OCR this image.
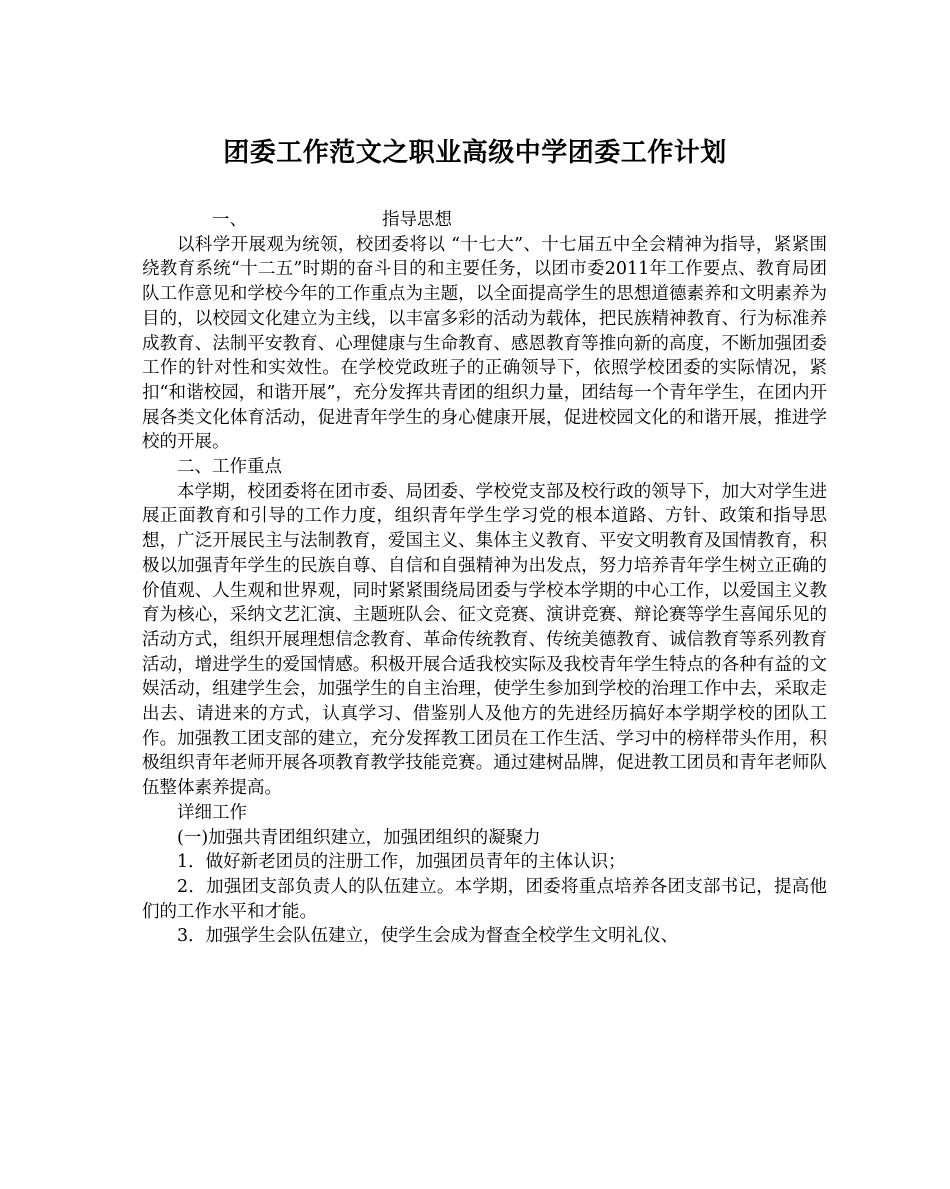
团委工作范文之职业高级中学团委工作计划

一、	指导思想

以科学开展观为统领，校团委将以 “十七大”、十七届五中全会精神为指导，紧紧围绕教育系统“十二五”时期的奋斗目的和主要任务，以团市委2011年工作要点、教育局团队工作意见和学校今年的工作重点为主题，以全面提高学生的思想道德素养和文明素养为目的，以校园文化建立为主线，以丰富多彩的活动为载体，把民族精神教育、行为标准养成教育、法制平安教育、心理健康与生命教育、感恩教育等推向新的高度，不断加强团委工作的针对性和实效性。在学校党政班子的正确领导下，依照学校团委的实际情况，紧扣“和谐校园，和谐开展”，充分发挥共青团的组织力量，团结每一个青年学生，在团内开展各类文化体育活动，促进青年学生的身心健康开展，促进校园文化的和谐开展，推进学校的开展。

二、工作重点

本学期，校团委将在团市委、局团委、学校党支部及校行政的领导下，加大对学生进展正面教育和引导的工作力度，组织青年学生学习党的根本道路、方针、政策和指导思想，广泛开展民主与法制教育，爱国主义、集体主义教育、平安文明教育及国情教育，积极以加强青年学生的民族自尊、自信和自强精神为出发点，努力培养青年学生树立正确的价值观、人生观和世界观，同时紧紧围绕局团委与学校本学期的中心工作，以爱国主义教育为核心，采纳文艺汇演、主题班队会、征文竞赛、演讲竞赛、辩论赛等学生喜闻乐见的活动方式，组织开展理想信念教育、革命传统教育、传统美德教育、诚信教育等系列教育活动，增进学生的爱国情感。积极开展合适我校实际及我校青年学生特点的各种有益的文娱活动，组建学生会，加强学生的自主治理，使学生参加到学校的治理工作中去，采取走出去、请进来的方式，认真学习、借鉴别人及他方的先进经历搞好本学期学校的团队工作。加强教工团支部的建立，充分发挥教工团员在工作生活、学习中的榜样带头作用，积极组织青年老师开展各项教育教学技能竞赛。通过建树品牌，促进教工团员和青年老师队伍整体素养提高。

详细工作

(一)加强共青团组织建立，加强团组织的凝聚力

1．做好新老团员的注册工作，加强团员青年的主体认识；

2．加强团支部负责人的队伍建立。本学期，团委将重点培养各团支部书记，提高他们的工作水平和才能。

3．加强学生会队伍建立，使学生会成为督查全校学生文明礼仪、
